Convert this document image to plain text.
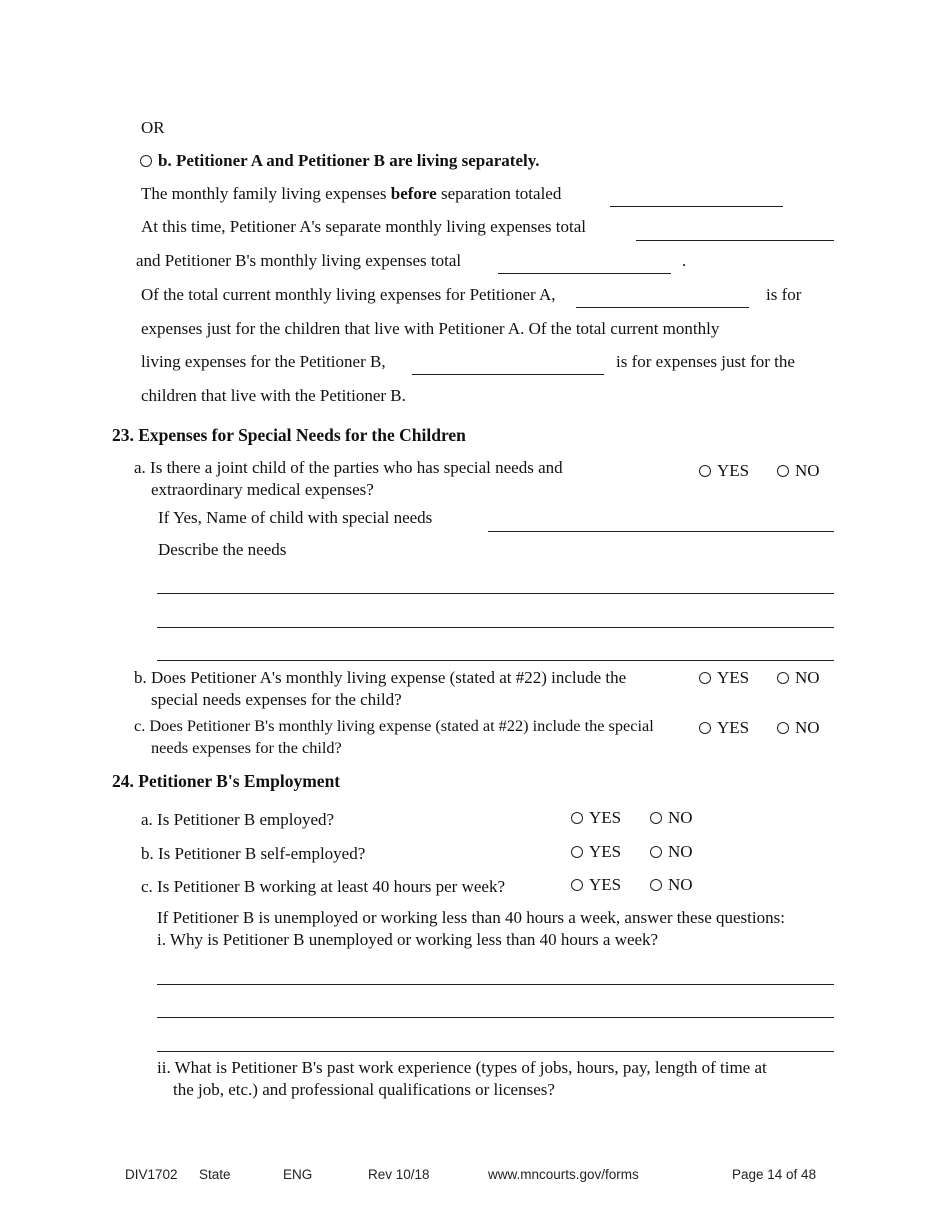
OR
b. Petitioner A and Petitioner B are living separately.
The monthly family living expenses before separation totaled
At this time, Petitioner A's separate monthly living expenses total
and Petitioner B's monthly living expenses total	.
Of the total current monthly living expenses for Petitioner A,	is for
expenses just for the children that live with Petitioner A. Of the total current monthly
living expenses for the Petitioner B,	is for expenses just for the
children that live with the Petitioner B.
23. Expenses for Special Needs for the Children
a. Is there a joint child of the parties who has special needs and
extraordinary medical expenses?
YES	NO
If Yes, Name of child with special needs
Describe the needs
b. Does Petitioner A's monthly living expense (stated at #22) include the
special needs expenses for the child?
YES	NO
c. Does Petitioner B's monthly living expense (stated at #22) include the special
needs expenses for the child?
YES	NO
24. Petitioner B's Employment
a. Is Petitioner B employed?	YES	NO
b. Is Petitioner B self-employed?	YES	NO
c. Is Petitioner B working at least 40 hours per week?	YES	NO
If Petitioner B is unemployed or working less than 40 hours a week, answer these questions:
i. Why is Petitioner B unemployed or working less than 40 hours a week?
ii. What is Petitioner B's past work experience (types of jobs, hours, pay, length of time at
the job, etc.) and professional qualifications or licenses?
DIV1702 State	ENG	Rev 10/18	www.mncourts.gov/forms	Page 14 of 48
